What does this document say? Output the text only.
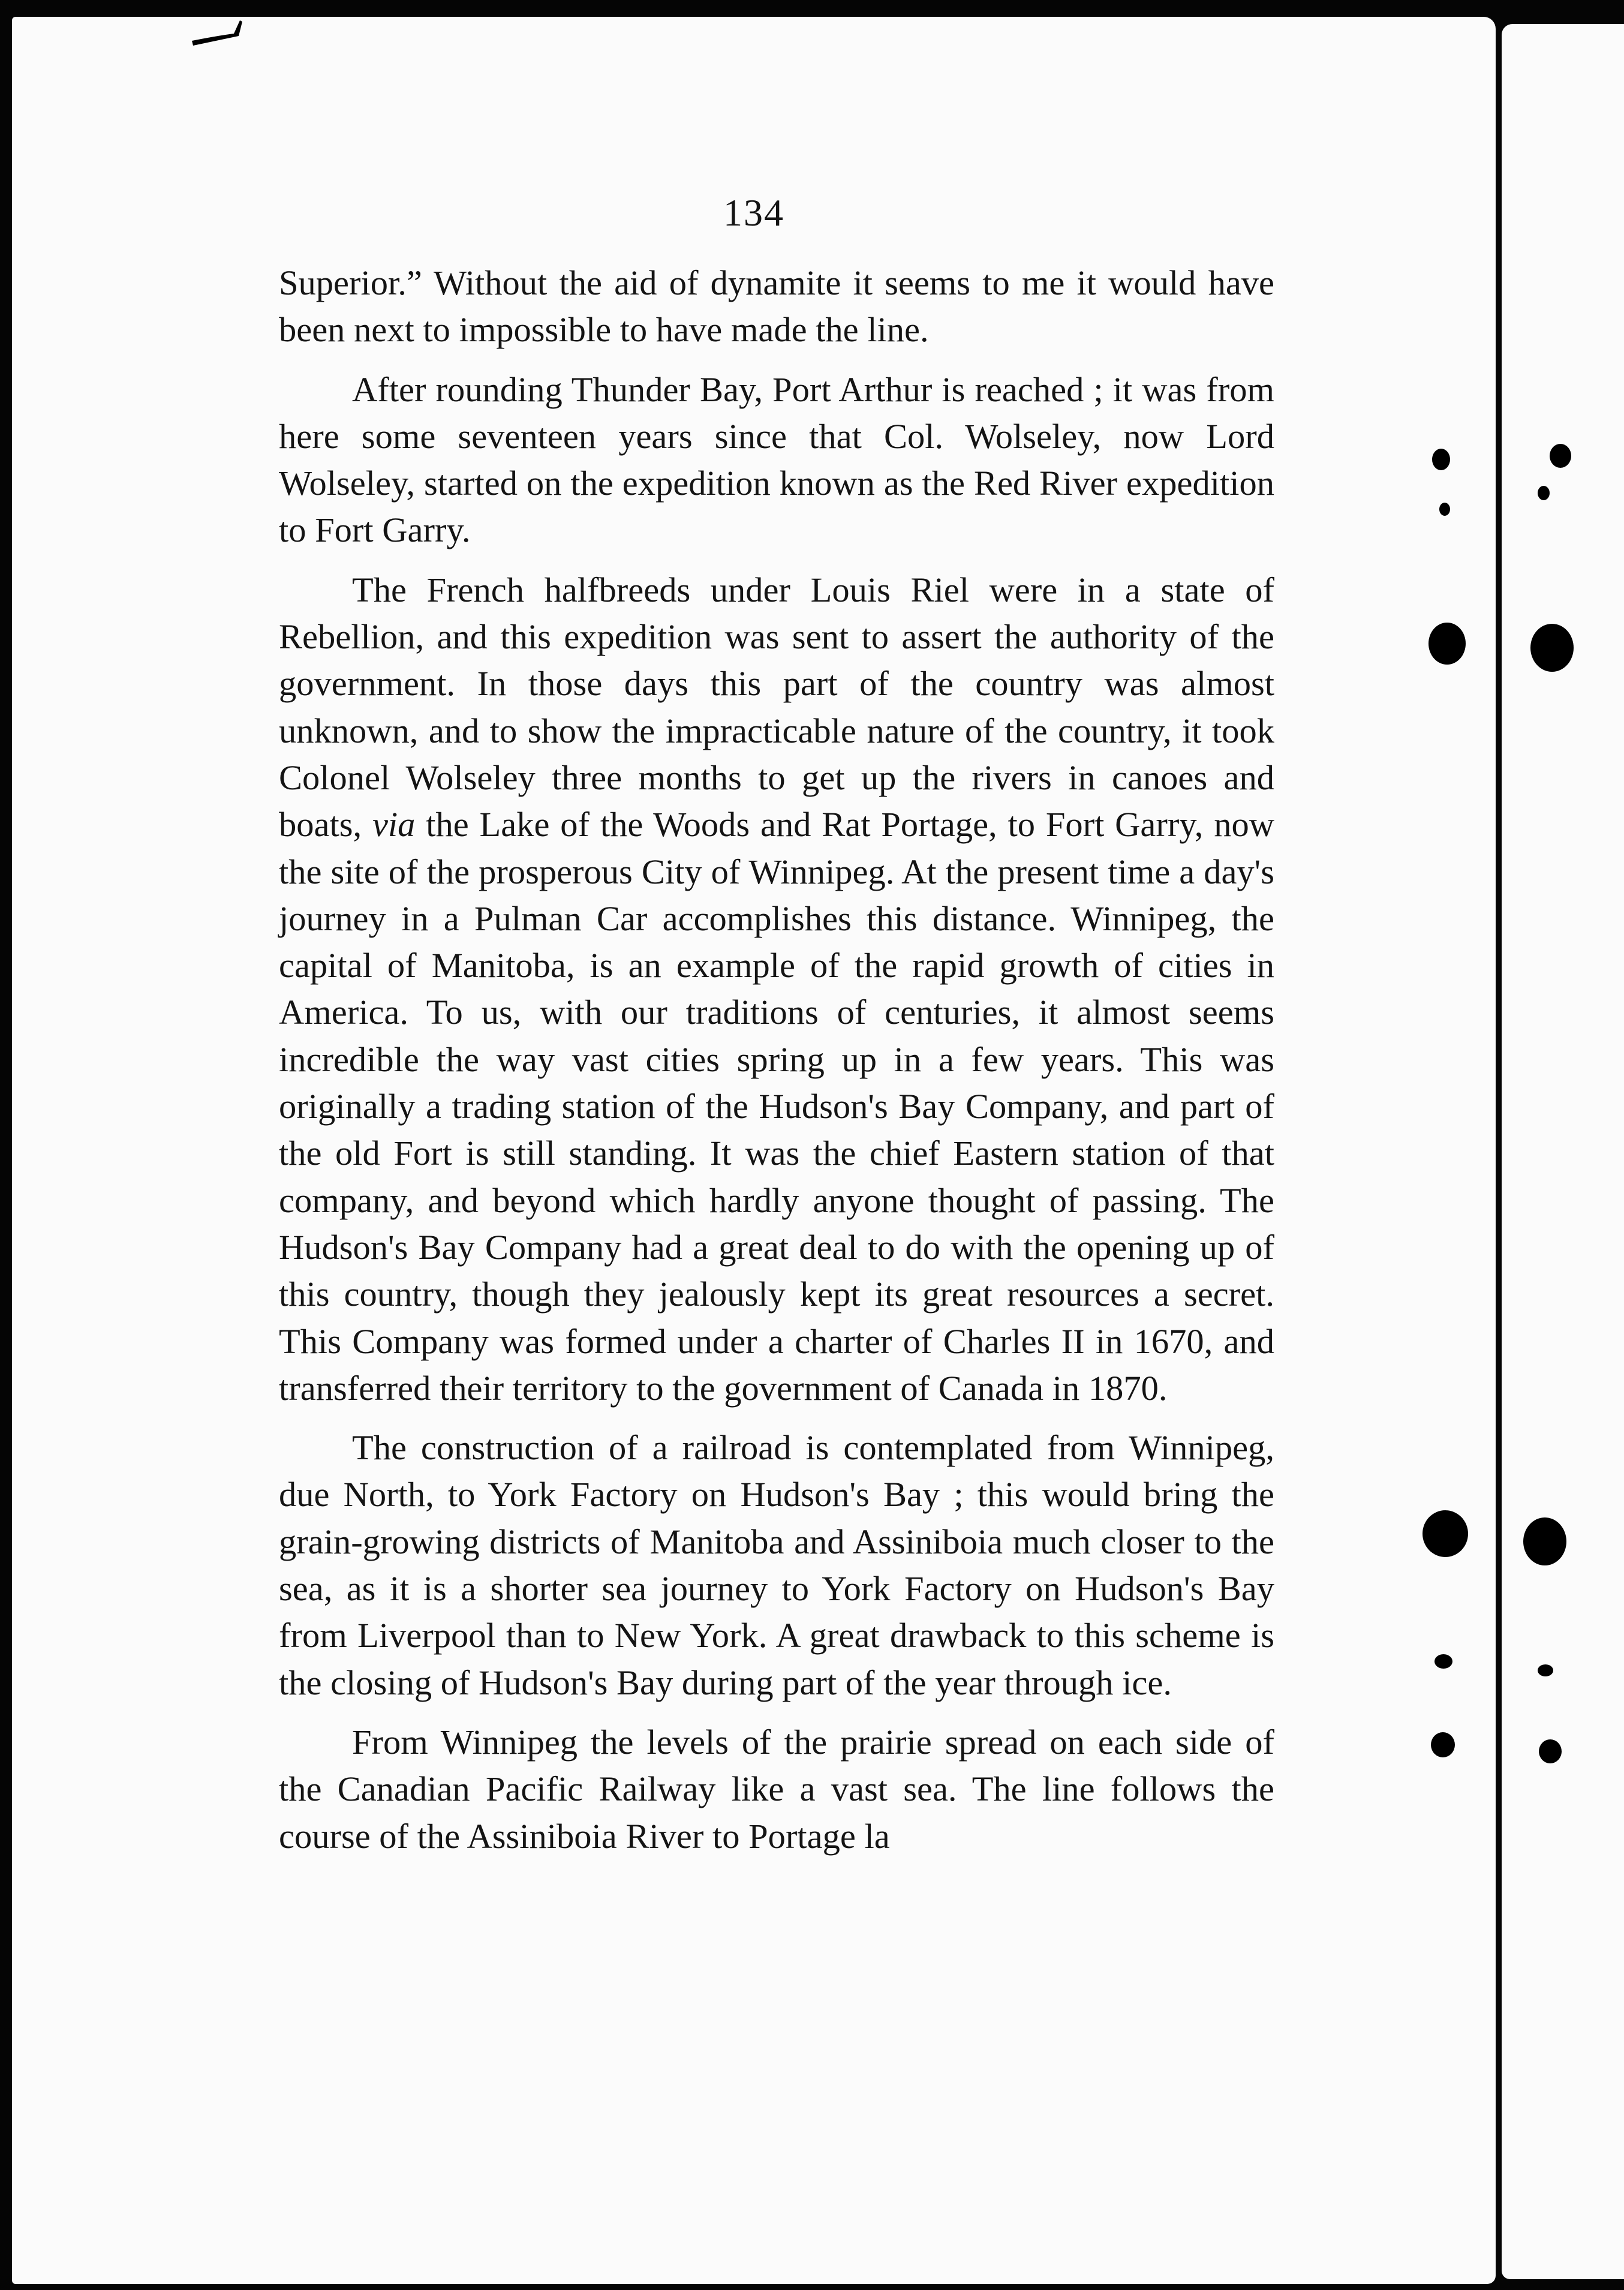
134

Superior.” Without the aid of dynamite it seems to me it would have been next to impossible to have made the line.

After rounding Thunder Bay, Port Arthur is reached ; it was from here some seventeen years since that Col. Wolseley, now Lord Wolseley, started on the expedition known as the Red River expedition to Fort Garry.

The French halfbreeds under Louis Riel were in a state of Rebellion, and this expedition was sent to assert the authority of the government. In those days this part of the country was almost unknown, and to show the impracticable nature of the country, it took Colonel Wolseley three months to get up the rivers in canoes and boats, via the Lake of the Woods and Rat Portage, to Fort Garry, now the site of the prosperous City of Winnipeg. At the present time a day's journey in a Pulman Car accomplishes this distance. Winnipeg, the capital of Manitoba, is an example of the rapid growth of cities in America. To us, with our traditions of centuries, it almost seems incredible the way vast cities spring up in a few years. This was originally a trading station of the Hudson's Bay Company, and part of the old Fort is still standing. It was the chief Eastern station of that company, and beyond which hardly anyone thought of passing. The Hudson's Bay Company had a great deal to do with the opening up of this country, though they jealously kept its great resources a secret. This Company was formed under a charter of Charles II in 1670, and transferred their territory to the government of Canada in 1870.

The construction of a railroad is contemplated from Winnipeg, due North, to York Factory on Hudson's Bay ; this would bring the grain-growing districts of Manitoba and Assiniboia much closer to the sea, as it is a shorter sea journey to York Factory on Hudson's Bay from Liverpool than to New York. A great drawback to this scheme is the closing of Hudson's Bay during part of the year through ice.

From Winnipeg the levels of the prairie spread on each side of the Canadian Pacific Railway like a vast sea. The line follows the course of the Assiniboia River to Portage la
